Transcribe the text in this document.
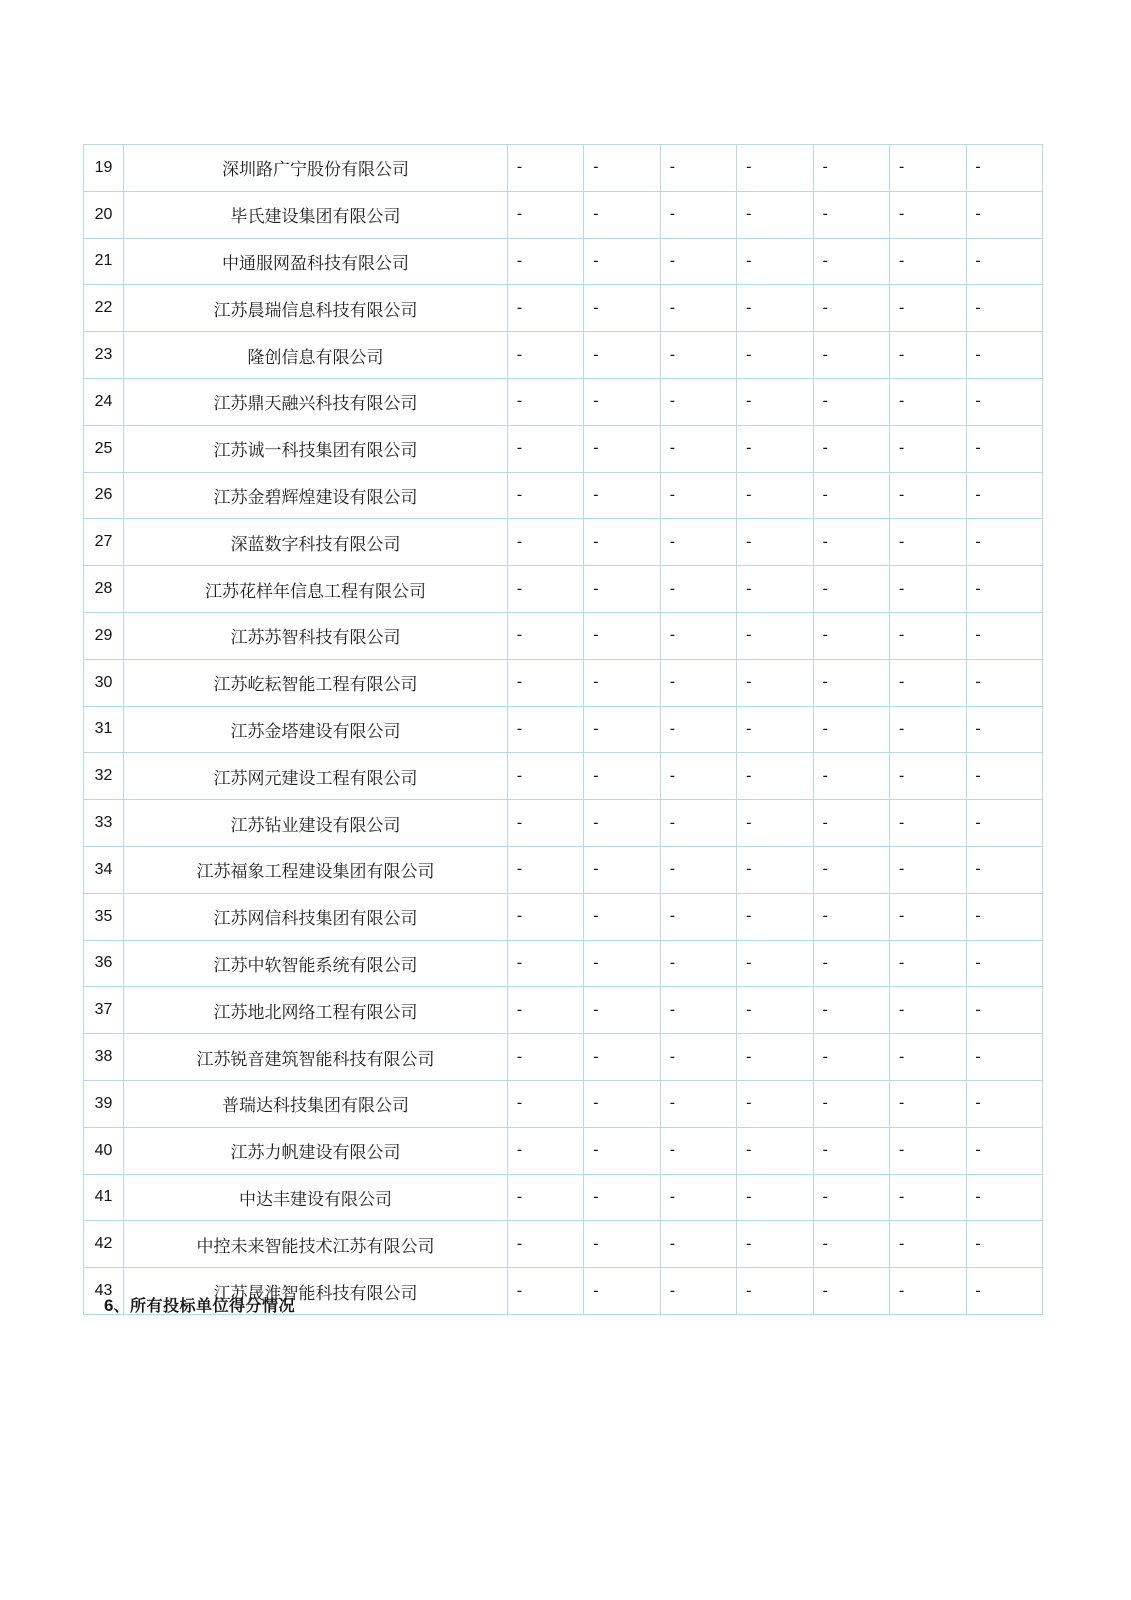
19	深圳路广宁股份有限公司	-	-	-	-	-	-	-
20	毕氏建设集团有限公司	-	-	-	-	-	-	-
21	中通服网盈科技有限公司	-	-	-	-	-	-	-
22	江苏晨瑞信息科技有限公司	-	-	-	-	-	-	-
23	隆创信息有限公司	-	-	-	-	-	-	-
24	江苏鼎天融兴科技有限公司	-	-	-	-	-	-	-
25	江苏诚一科技集团有限公司	-	-	-	-	-	-	-
26	江苏金碧辉煌建设有限公司	-	-	-	-	-	-	-
27	深蓝数字科技有限公司	-	-	-	-	-	-	-
28	江苏花样年信息工程有限公司	-	-	-	-	-	-	-
29	江苏苏智科技有限公司	-	-	-	-	-	-	-
30	江苏屹耘智能工程有限公司	-	-	-	-	-	-	-
31	江苏金塔建设有限公司	-	-	-	-	-	-	-
32	江苏网元建设工程有限公司	-	-	-	-	-	-	-
33	江苏钻业建设有限公司	-	-	-	-	-	-	-
34	江苏福象工程建设集团有限公司	-	-	-	-	-	-	-
35	江苏网信科技集团有限公司	-	-	-	-	-	-	-
36	江苏中软智能系统有限公司	-	-	-	-	-	-	-
37	江苏地北网络工程有限公司	-	-	-	-	-	-	-
38	江苏锐音建筑智能科技有限公司	-	-	-	-	-	-	-
39	普瑞达科技集团有限公司	-	-	-	-	-	-	-
40	江苏力帆建设有限公司	-	-	-	-	-	-	-
41	中达丰建设有限公司	-	-	-	-	-	-	-
42	中控未来智能技术江苏有限公司	-	-	-	-	-	-	-
43	江苏晟淮智能科技有限公司	-	-	-	-	-	-	-
6、所有投标单位得分情况
